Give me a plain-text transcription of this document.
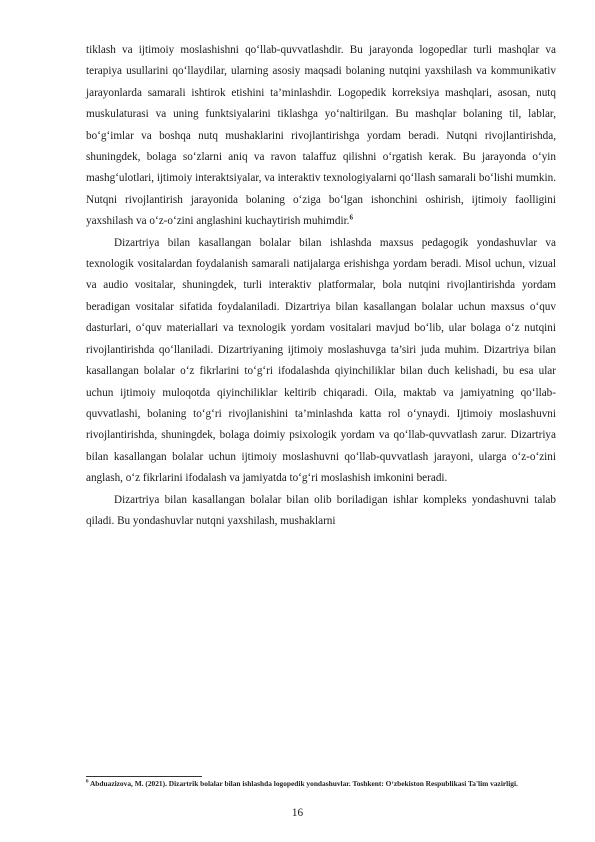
tiklash va ijtimoiy moslashishni qo‘llab-quvvatlashdir. Bu jarayonda logopedlar turli mashqlar va terapiya usullarini qo‘llaydilar, ularning asosiy maqsadi bolaning nutqini yaxshilash va kommunikativ jarayonlarda samarali ishtirok etishini ta’minlashdir. Logopedik korreksiya mashqlari, asosan, nutq muskulaturasi va uning funktsiyalarini tiklashga yo‘naltirilgan. Bu mashqlar bolaning til, lablar, bo‘g‘imlar va boshqa nutq mushaklarini rivojlantirishga yordam beradi. Nutqni rivojlantirishda, shuningdek, bolaga so‘zlarni aniq va ravon talaffuz qilishni o‘rgatish kerak. Bu jarayonda o‘yin mashg‘ulotlari, ijtimoiy interaktsiyalar, va interaktiv texnologiyalarni qo‘llash samarali bo‘lishi mumkin. Nutqni rivojlantirish jarayonida bolaning o‘ziga bo‘lgan ishonchini oshirish, ijtimoiy faolligini yaxshilash va o‘z-o‘zini anglashini kuchaytirish muhimdir.$^6$

Dizartriya bilan kasallangan bolalar bilan ishlashda maxsus pedagogik yondashuvlar va texnologik vositalardan foydalanish samarali natijalarga erishishga yordam beradi. Misol uchun, vizual va audio vositalar, shuningdek, turli interaktiv platformalar, bola nutqini rivojlantirishda yordam beradigan vositalar sifatida foydalaniladi. Dizartriya bilan kasallangan bolalar uchun maxsus o‘quv dasturlari, o‘quv materiallari va texnologik yordam vositalari mavjud bo‘lib, ular bolaga o‘z nutqini rivojlantirishda qo‘llaniladi. Dizartriyaning ijtimoiy moslashuvga ta’siri juda muhim. Dizartriya bilan kasallangan bolalar o‘z fikrlarini to‘g‘ri ifodalashda qiyinchiliklar bilan duch kelishadi, bu esa ular uchun ijtimoiy muloqotda qiyinchiliklar keltirib chiqaradi. Oila, maktab va jamiyatning qo‘llab-quvvatlashi, bolaning to‘g‘ri rivojlanishini ta’minlashda katta rol o‘ynaydi. Ijtimoiy moslashuvni rivojlantirishda, shuningdek, bolaga doimiy psixologik yordam va qo‘llab-quvvatlash zarur. Dizartriya bilan kasallangan bolalar uchun ijtimoiy moslashuvni qo‘llab-quvvatlash jarayoni, ularga o‘z-o‘zini anglash, o‘z fikrlarini ifodalash va jamiyatda to‘g‘ri moslashish imkonini beradi.

Dizartriya bilan kasallangan bolalar bilan olib boriladigan ishlar kompleks yondashuvni talab qiladi. Bu yondashuvlar nutqni yaxshilash, mushaklarni

$^6$ Abduazizova, M. (2021). Dizartrik bolalar bilan ishlashda logopedik yondashuvlar. Toshkent: O‘zbekiston Respublikasi Ta'lim vazirligi.

16
